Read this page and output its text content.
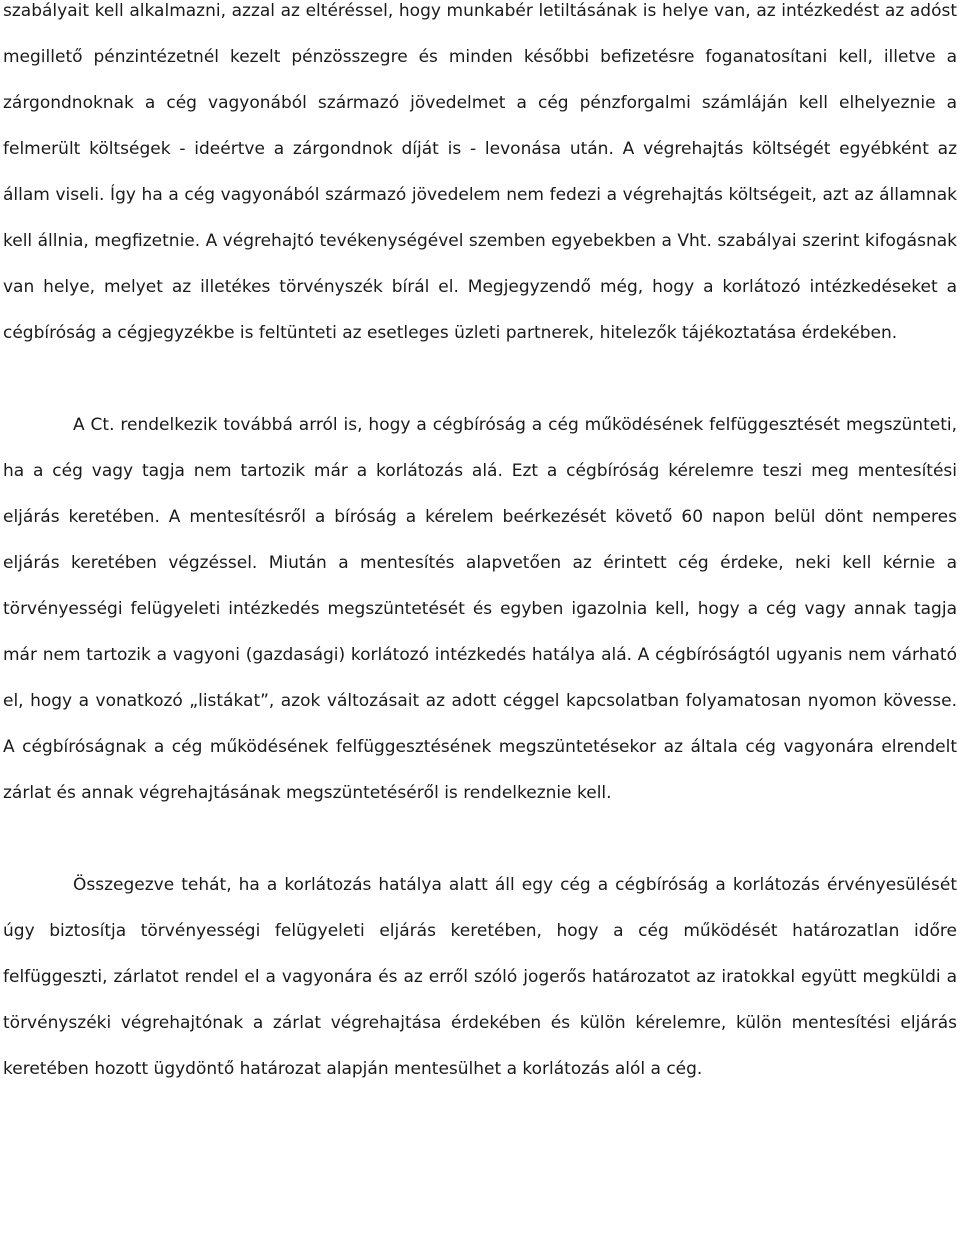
szabályait kell alkalmazni, azzal az eltéréssel, hogy munkabér letiltásának is helye van, az intézkedést az adóst megillető pénzintézetnél kezelt pénzösszegre és minden későbbi befizetésre foganatosítani kell, illetve a zárgondnoknak a cég vagyonából származó jövedelmet a cég pénzforgalmi számláján kell elhelyeznie a felmerült költségek - ideértve a zárgondnok díját is - levonása után. A végrehajtás költségét egyébként az állam viseli. Így ha a cég vagyonából származó jövedelem nem fedezi a végrehajtás költségeit, azt az államnak kell állnia, megfizetnie. A végrehajtó tevékenységével szemben egyebekben a Vht. szabályai szerint kifogásnak van helye, melyet az illetékes törvényszék bírál el. Megjegyzendő még, hogy a korlátozó intézkedéseket a cégbíróság a cégjegyzékbe is feltünteti az esetleges üzleti partnerek, hitelezők tájékoztatása érdekében.

A Ct. rendelkezik továbbá arról is, hogy a cégbíróság a cég működésének felfüggesztését megszünteti, ha a cég vagy tagja nem tartozik már a korlátozás alá. Ezt a cégbíróság kérelemre teszi meg mentesítési eljárás keretében. A mentesítésről a bíróság a kérelem beérkezését követő 60 napon belül dönt nemperes eljárás keretében végzéssel. Miután a mentesítés alapvetően az érintett cég érdeke, neki kell kérnie a törvényességi felügyeleti intézkedés megszüntetését és egyben igazolnia kell, hogy a cég vagy annak tagja már nem tartozik a vagyoni (gazdasági) korlátozó intézkedés hatálya alá. A cégbíróságtól ugyanis nem várható el, hogy a vonatkozó „listákat”, azok változásait az adott céggel kapcsolatban folyamatosan nyomon kövesse. A cégbíróságnak a cég működésének felfüggesztésének megszüntetésekor az általa cég vagyonára elrendelt zárlat és annak végrehajtásának megszüntetéséről is rendelkeznie kell.

Összegezve tehát, ha a korlátozás hatálya alatt áll egy cég a cégbíróság a korlátozás érvényesülését úgy biztosítja törvényességi felügyeleti eljárás keretében, hogy a cég működését határozatlan időre felfüggeszti, zárlatot rendel el a vagyonára és az erről szóló jogerős határozatot az iratokkal együtt megküldi a törvényszéki végrehajtónak a zárlat végrehajtása érdekében és külön kérelemre, külön mentesítési eljárás keretében hozott ügydöntő határozat alapján mentesülhet a korlátozás alól a cég.
